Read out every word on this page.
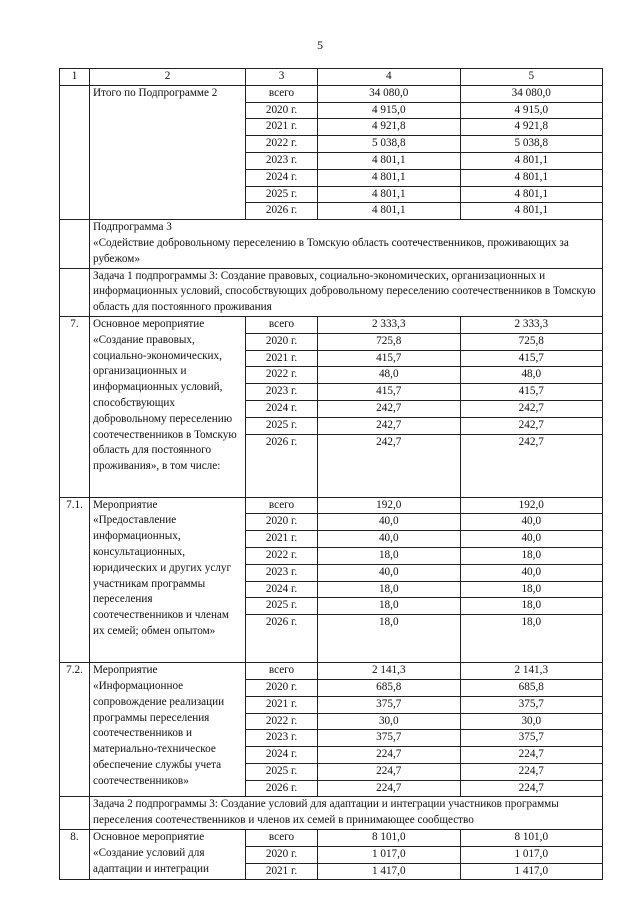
5
1	2	3	4	5
	Итого по Подпрограмме 2	всего	34 080,0	34 080,0
		2020 г.	4 915,0	4 915,0
		2021 г.	4 921,8	4 921,8
		2022 г.	5 038,8	5 038,8
		2023 г.	4 801,1	4 801,1
		2024 г.	4 801,1	4 801,1
		2025 г.	4 801,1	4 801,1
		2026 г.	4 801,1	4 801,1

	Подпрограмма 3
«Содействие добровольному переселению в Томскую область соотечественников, проживающих за рубежом»			

	Задача 1 подпрограммы 3: Создание правовых, социально-экономических, организационных и информационных условий, способствующих добровольному переселению соотечественников в Томскую область для постоянного проживания			
7.	Основное мероприятие «Создание правовых, социально-экономических, организационных и информационных условий, способствующих добровольному переселению соотечественников в Томскую область для постоянного проживания», в том числе:	всего	2 333,3	2 333,3
		2020 г.	725,8	725,8
		2021 г.	415,7	415,7
		2022 г.	48,0	48,0
		2023 г.	415,7	415,7
		2024 г.	242,7	242,7
		2025 г.	242,7	242,7
		2026 г.	242,7	242,7
7.1.	Мероприятие «Предоставление информационных, консультационных, юридических и других услуг участникам программы переселения соотечественников и членам их семей; обмен опытом»	всего	192,0	192,0
		2020 г.	40,0	40,0
		2021 г.	40,0	40,0
		2022 г.	18,0	18,0
		2023 г.	40,0	40,0
		2024 г.	18,0	18,0
		2025 г.	18,0	18,0
		2026 г.	18,0	18,0
7.2.	Мероприятие «Информационное сопровождение реализации программы переселения соотечественников и материально-техническое обеспечение службы учета соотечественников»	всего	2 141,3	2 141,3
		2020 г.	685,8	685,8
		2021 г.	375,7	375,7
		2022 г.	30,0	30,0
		2023 г.	375,7	375,7
		2024 г.	224,7	224,7
		2025 г.	224,7	224,7
		2026 г.	224,7	224,7
	Задача 2 подпрограммы 3: Создание условий для адаптации и интеграции участников программы переселения соотечественников и членов их семей в принимающее сообщество			
8.	Основное мероприятие «Создание условий для адаптации и интеграции	всего	8 101,0	8 101,0
		2020 г.	1 017,0	1 017,0
		2021 г.	1 417,0	1 417,0
